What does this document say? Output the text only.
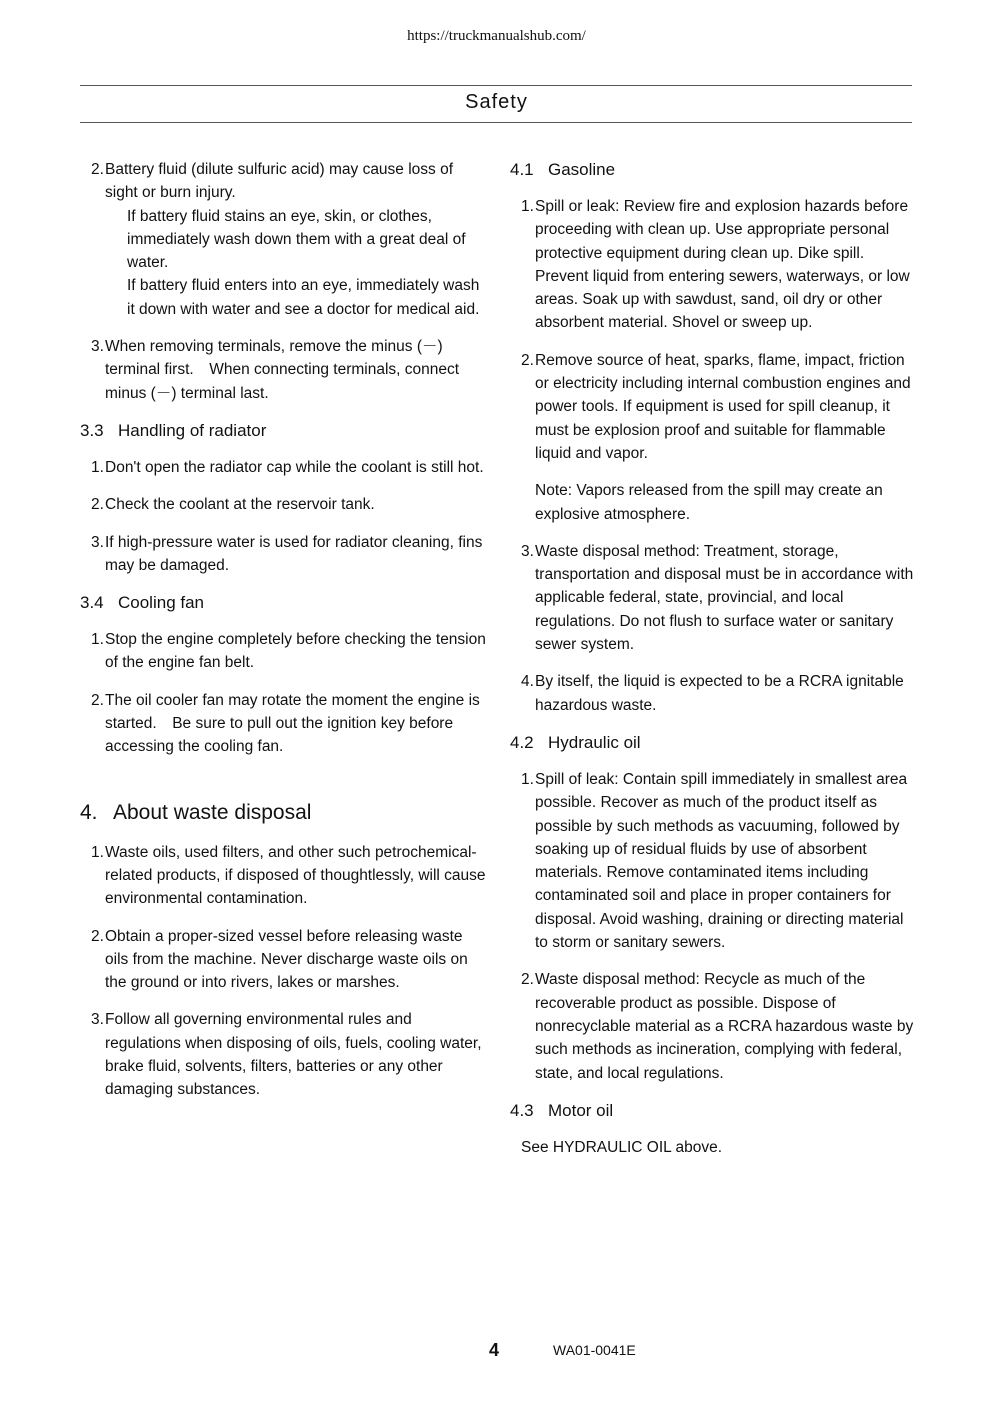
https://truckmanualshub.com/
Safety
2. Battery fluid (dilute sulfuric acid) may cause loss of sight or burn injury.
If battery fluid stains an eye, skin, or clothes, immediately wash down them with a great deal of water.
If battery fluid enters into an eye, immediately wash it down with water and see a doctor for medical aid.
3. When removing terminals, remove the minus (－) terminal first.　When connecting terminals, connect minus (－) terminal last.
3.3 Handling of radiator
1. Don't open the radiator cap while the coolant is still hot.
2. Check the coolant at the reservoir tank.
3. If high-pressure water is used for radiator cleaning, fins may be damaged.
3.4 Cooling fan
1. Stop the engine completely before checking the tension of the engine fan belt.
2. The oil cooler fan may rotate the moment the engine is started.　Be sure to pull out the ignition key before accessing the cooling fan.
4. About waste disposal
1. Waste oils, used filters, and other such petrochemical-related products, if disposed of thoughtlessly, will cause environmental contamination.
2. Obtain a proper-sized vessel before releasing waste oils from the machine. Never discharge waste oils on the ground or into rivers, lakes or marshes.
3. Follow all governing environmental rules and regulations when disposing of oils, fuels, cooling water, brake fluid, solvents, filters, batteries or any other damaging substances.
4.1 Gasoline
1. Spill or leak: Review fire and explosion hazards before proceeding with clean up. Use appropriate personal protective equipment during clean up. Dike spill. Prevent liquid from entering sewers, waterways, or low areas. Soak up with sawdust, sand, oil dry or other absorbent material. Shovel or sweep up.
2. Remove source of heat, sparks, flame, impact, friction or electricity including internal combustion engines and power tools. If equipment is used for spill cleanup, it must be explosion proof and suitable for flammable liquid and vapor.
Note: Vapors released from the spill may create an explosive atmosphere.
3. Waste disposal method: Treatment, storage, transportation and disposal must be in accordance with applicable federal, state, provincial, and local regulations. Do not flush to surface water or sanitary sewer system.
4. By itself, the liquid is expected to be a RCRA ignitable hazardous waste.
4.2 Hydraulic oil
1. Spill of leak: Contain spill immediately in smallest area possible. Recover as much of the product itself as possible by such methods as vacuuming, followed by soaking up of residual fluids by use of absorbent materials. Remove contaminated items including contaminated soil and place in proper containers for disposal. Avoid washing, draining or directing material to storm or sanitary sewers.
2. Waste disposal method: Recycle as much of the recoverable product as possible. Dispose of nonrecyclable material as a RCRA hazardous waste by such methods as incineration, complying with federal, state, and local regulations.
4.3 Motor oil
See HYDRAULIC OIL above.
4	WA01-0041E
